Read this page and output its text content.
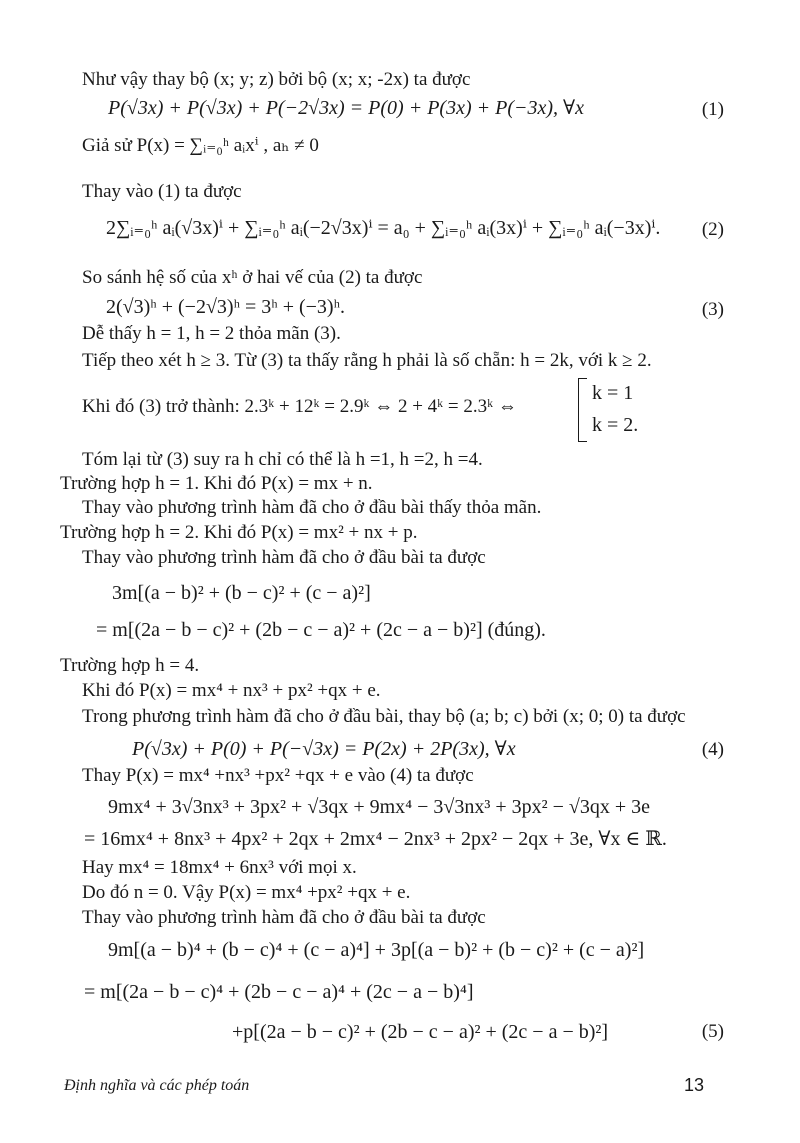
Như vậy thay bộ (x; y; z) bởi bộ (x; x; -2x) ta được
P(√3x) + P(√3x) + P(−2√3x) = P(0) + P(3x) + P(−3x), ∀x	(1)
Giả sử P(x) = ∑ᵢ₌₀ʰ aᵢxⁱ , aₕ ≠ 0
Thay vào (1) ta được
2∑ᵢ₌₀ʰ aᵢ(√3x)ⁱ + ∑ᵢ₌₀ʰ aᵢ(−2√3x)ⁱ = a₀ + ∑ᵢ₌₀ʰ aᵢ(3x)ⁱ + ∑ᵢ₌₀ʰ aᵢ(−3x)ⁱ. (2)
So sánh hệ số của xʰ ở hai vế của (2) ta được
2(√3)ʰ + (−2√3)ʰ = 3ʰ + (−3)ʰ.	(3)
Dễ thấy h = 1, h = 2 thỏa mãn (3).
Tiếp theo xét h ≥ 3. Từ (3) ta thấy rằng h phải là số chẵn: h = 2k, với k ≥ 2.
Khi đó (3) trở thành: 2.3ᵏ + 12ᵏ = 2.9ᵏ ⇔ 2 + 4ᵏ = 2.3ᵏ ⇔
k = 1
k = 2.
Tóm lại từ (3) suy ra h chỉ có thể là h =1, h =2, h =4.
Trường hợp h = 1. Khi đó P(x) = mx + n.
Thay vào phương trình hàm đã cho ở đầu bài thấy thỏa mãn.
Trường hợp h = 2. Khi đó P(x) = mx² + nx + p.
Thay vào phương trình hàm đã cho ở đầu bài ta được
3m[(a − b)² + (b − c)² + (c − a)²]
= m[(2a − b − c)² + (2b − c − a)² + (2c − a − b)²] (đúng).
Trường hợp h = 4.
Khi đó P(x) = mx⁴ + nx³ + px² +qx + e.
Trong phương trình hàm đã cho ở đầu bài, thay bộ (a; b; c) bởi (x; 0; 0) ta được
P(√3x) + P(0) + P(−√3x) = P(2x) + 2P(3x), ∀x	(4)
Thay P(x) = mx⁴ +nx³ +px² +qx + e vào (4) ta được
9mx⁴ + 3√3nx³ + 3px² + √3qx + 9mx⁴ − 3√3nx³ + 3px² − √3qx + 3e
= 16mx⁴ + 8nx³ + 4px² + 2qx + 2mx⁴ − 2nx³ + 2px² − 2qx + 3e, ∀x ∈ ℝ.
Hay mx⁴ = 18mx⁴ + 6nx³ với mọi x.
Do đó n = 0. Vậy P(x) = mx⁴ +px² +qx + e.
Thay vào phương trình hàm đã cho ở đầu bài ta được
9m[(a − b)⁴ + (b − c)⁴ + (c − a)⁴] + 3p[(a − b)² + (b − c)² + (c − a)²]
= m[(2a − b − c)⁴ + (2b − c − a)⁴ + (2c − a − b)⁴]
+p[(2a − b − c)² + (2b − c − a)² + (2c − a − b)²]	(5)
Định nghĩa và các phép toán	13
